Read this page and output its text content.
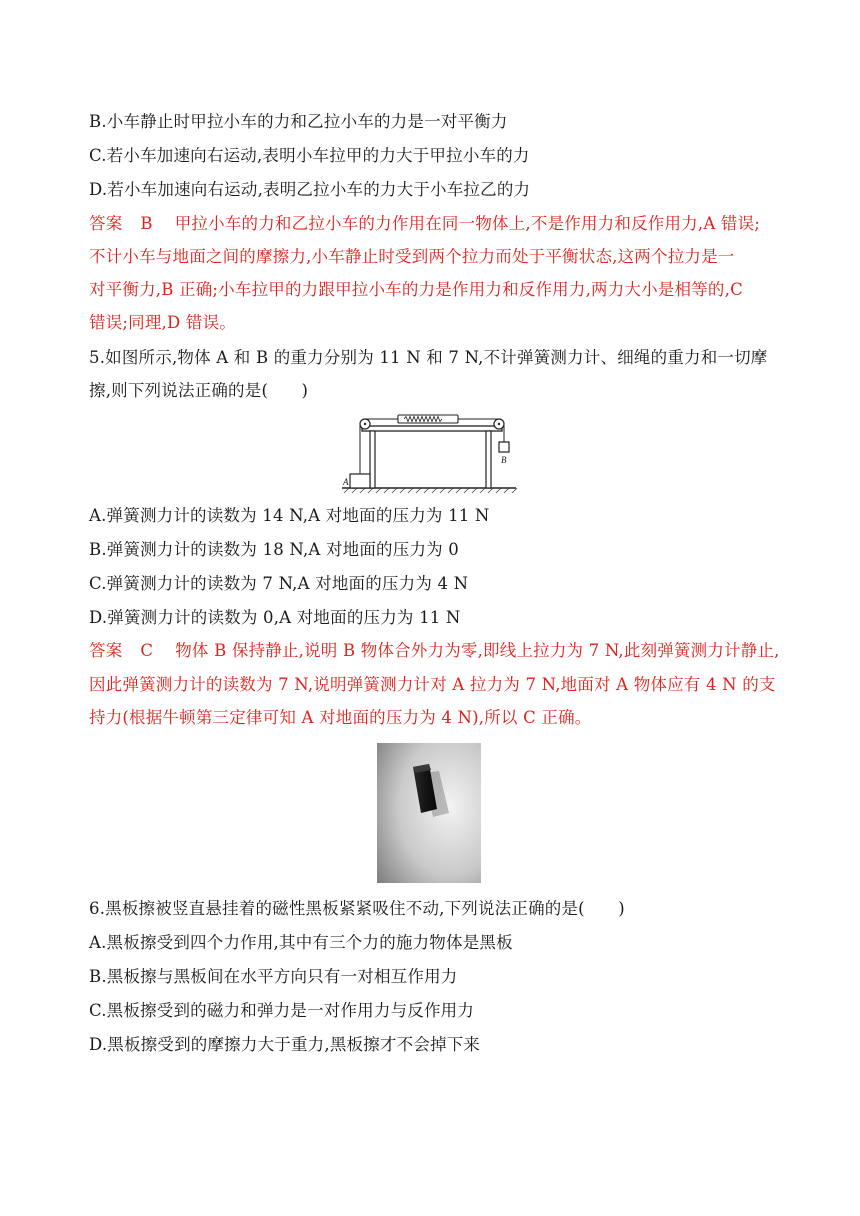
B.小车静止时甲拉小车的力和乙拉小车的力是一对平衡力
C.若小车加速向右运动,表明小车拉甲的力大于甲拉小车的力
D.若小车加速向右运动,表明乙拉小车的力大于小车拉乙的力
答案 B 甲拉小车的力和乙拉小车的力作用在同一物体上,不是作用力和反作用力,A 错误;
不计小车与地面之间的摩擦力,小车静止时受到两个拉力而处于平衡状态,这两个拉力是一
对平衡力,B 正确;小车拉甲的力跟甲拉小车的力是作用力和反作用力,两力大小是相等的,C
错误;同理,D 错误。
5.如图所示,物体 A 和 B 的重力分别为 11 N 和 7 N,不计弹簧测力计、细绳的重力和一切摩
擦,则下列说法正确的是(　　)
A
B
A.弹簧测力计的读数为 14 N,A 对地面的压力为 11 N
B.弹簧测力计的读数为 18 N,A 对地面的压力为 0
C.弹簧测力计的读数为 7 N,A 对地面的压力为 4 N
D.弹簧测力计的读数为 0,A 对地面的压力为 11 N
答案 C 物体 B 保持静止,说明 B 物体合外力为零,即线上拉力为 7 N,此刻弹簧测力计静止,
因此弹簧测力计的读数为 7 N,说明弹簧测力计对 A 拉力为 7 N,地面对 A 物体应有 4 N 的支
持力(根据牛顿第三定律可知 A 对地面的压力为 4 N),所以 C 正确。
6.黑板擦被竖直悬挂着的磁性黑板紧紧吸住不动,下列说法正确的是(　　)
A.黑板擦受到四个力作用,其中有三个力的施力物体是黑板
B.黑板擦与黑板间在水平方向只有一对相互作用力
C.黑板擦受到的磁力和弹力是一对作用力与反作用力
D.黑板擦受到的摩擦力大于重力,黑板擦才不会掉下来
